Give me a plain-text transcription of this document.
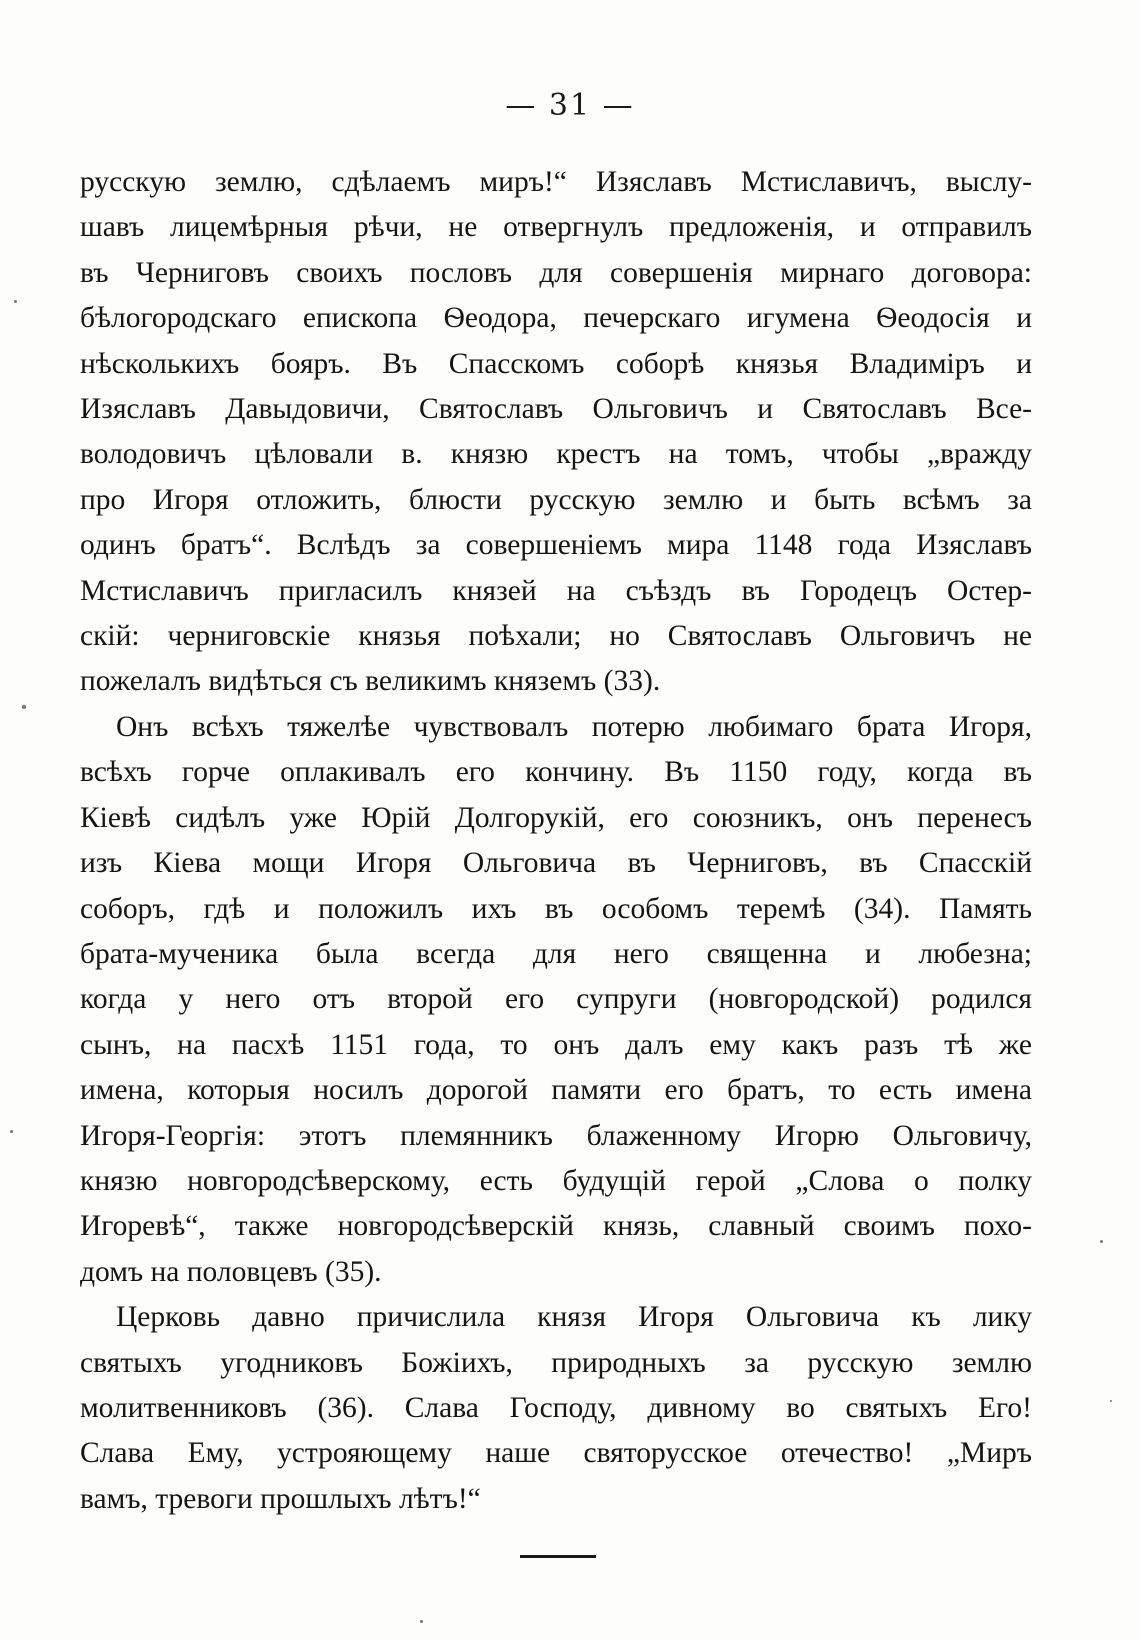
— 31 —
русскую землю, сдѣлаемъ миръ!“ Изяславъ Мстиславичъ, выслу-
шавъ лицемѣрныя рѣчи, не отвергнулъ предложенія, и отправилъ
въ Черниговъ своихъ пословъ для совершенія мирнаго договора:
бѣлогородскаго епископа Ѳеодора, печерскаго игумена Ѳеодосія и
нѣсколькихъ бояръ. Въ Спасскомъ соборѣ князья Владиміръ и
Изяславъ Давыдовичи, Святославъ Ольговичъ и Святославъ Все-
володовичъ цѣловали в. князю крестъ на томъ, чтобы „вражду
про Игоря отложить, блюсти русскую землю и быть всѣмъ за
одинъ братъ“. Вслѣдъ за совершеніемъ мира 1148 года Изяславъ
Мстиславичъ пригласилъ князей на съѣздъ въ Городецъ Остер-
скій: черниговскіе князья поѣхали; но Святославъ Ольговичъ не
пожелалъ видѣться съ великимъ княземъ (33).
Онъ всѣхъ тяжелѣе чувствовалъ потерю любимаго брата Игоря,
всѣхъ горче оплакивалъ его кончину. Въ 1150 году, когда въ
Кіевѣ сидѣлъ уже Юрій Долгорукій, его союзникъ, онъ перенесъ
изъ Кіева мощи Игоря Ольговича въ Черниговъ, въ Спасскій
соборъ, гдѣ и положилъ ихъ въ особомъ теремѣ (34). Память
брата-мученика была всегда для него священна и любезна;
когда у него отъ второй его супруги (новгородской) родился
сынъ, на пасхѣ 1151 года, то онъ далъ ему какъ разъ тѣ же
имена, которыя носилъ дорогой памяти его братъ, то есть имена
Игоря-Георгія: этотъ племянникъ блаженному Игорю Ольговичу,
князю новгородсѣверскому, есть будущій герой „Слова о полку
Игоревѣ“, также новгородсѣверскій князь, славный своимъ похо-
домъ на половцевъ (35).
Церковь давно причислила князя Игоря Ольговича къ лику
святыхъ угодниковъ Божіихъ, природныхъ за русскую землю
молитвенниковъ (36). Слава Господу, дивному во святыхъ Его!
Слава Ему, устрояющему наше святорусское отечество! „Миръ
вамъ, тревоги прошлыхъ лѣтъ!“
